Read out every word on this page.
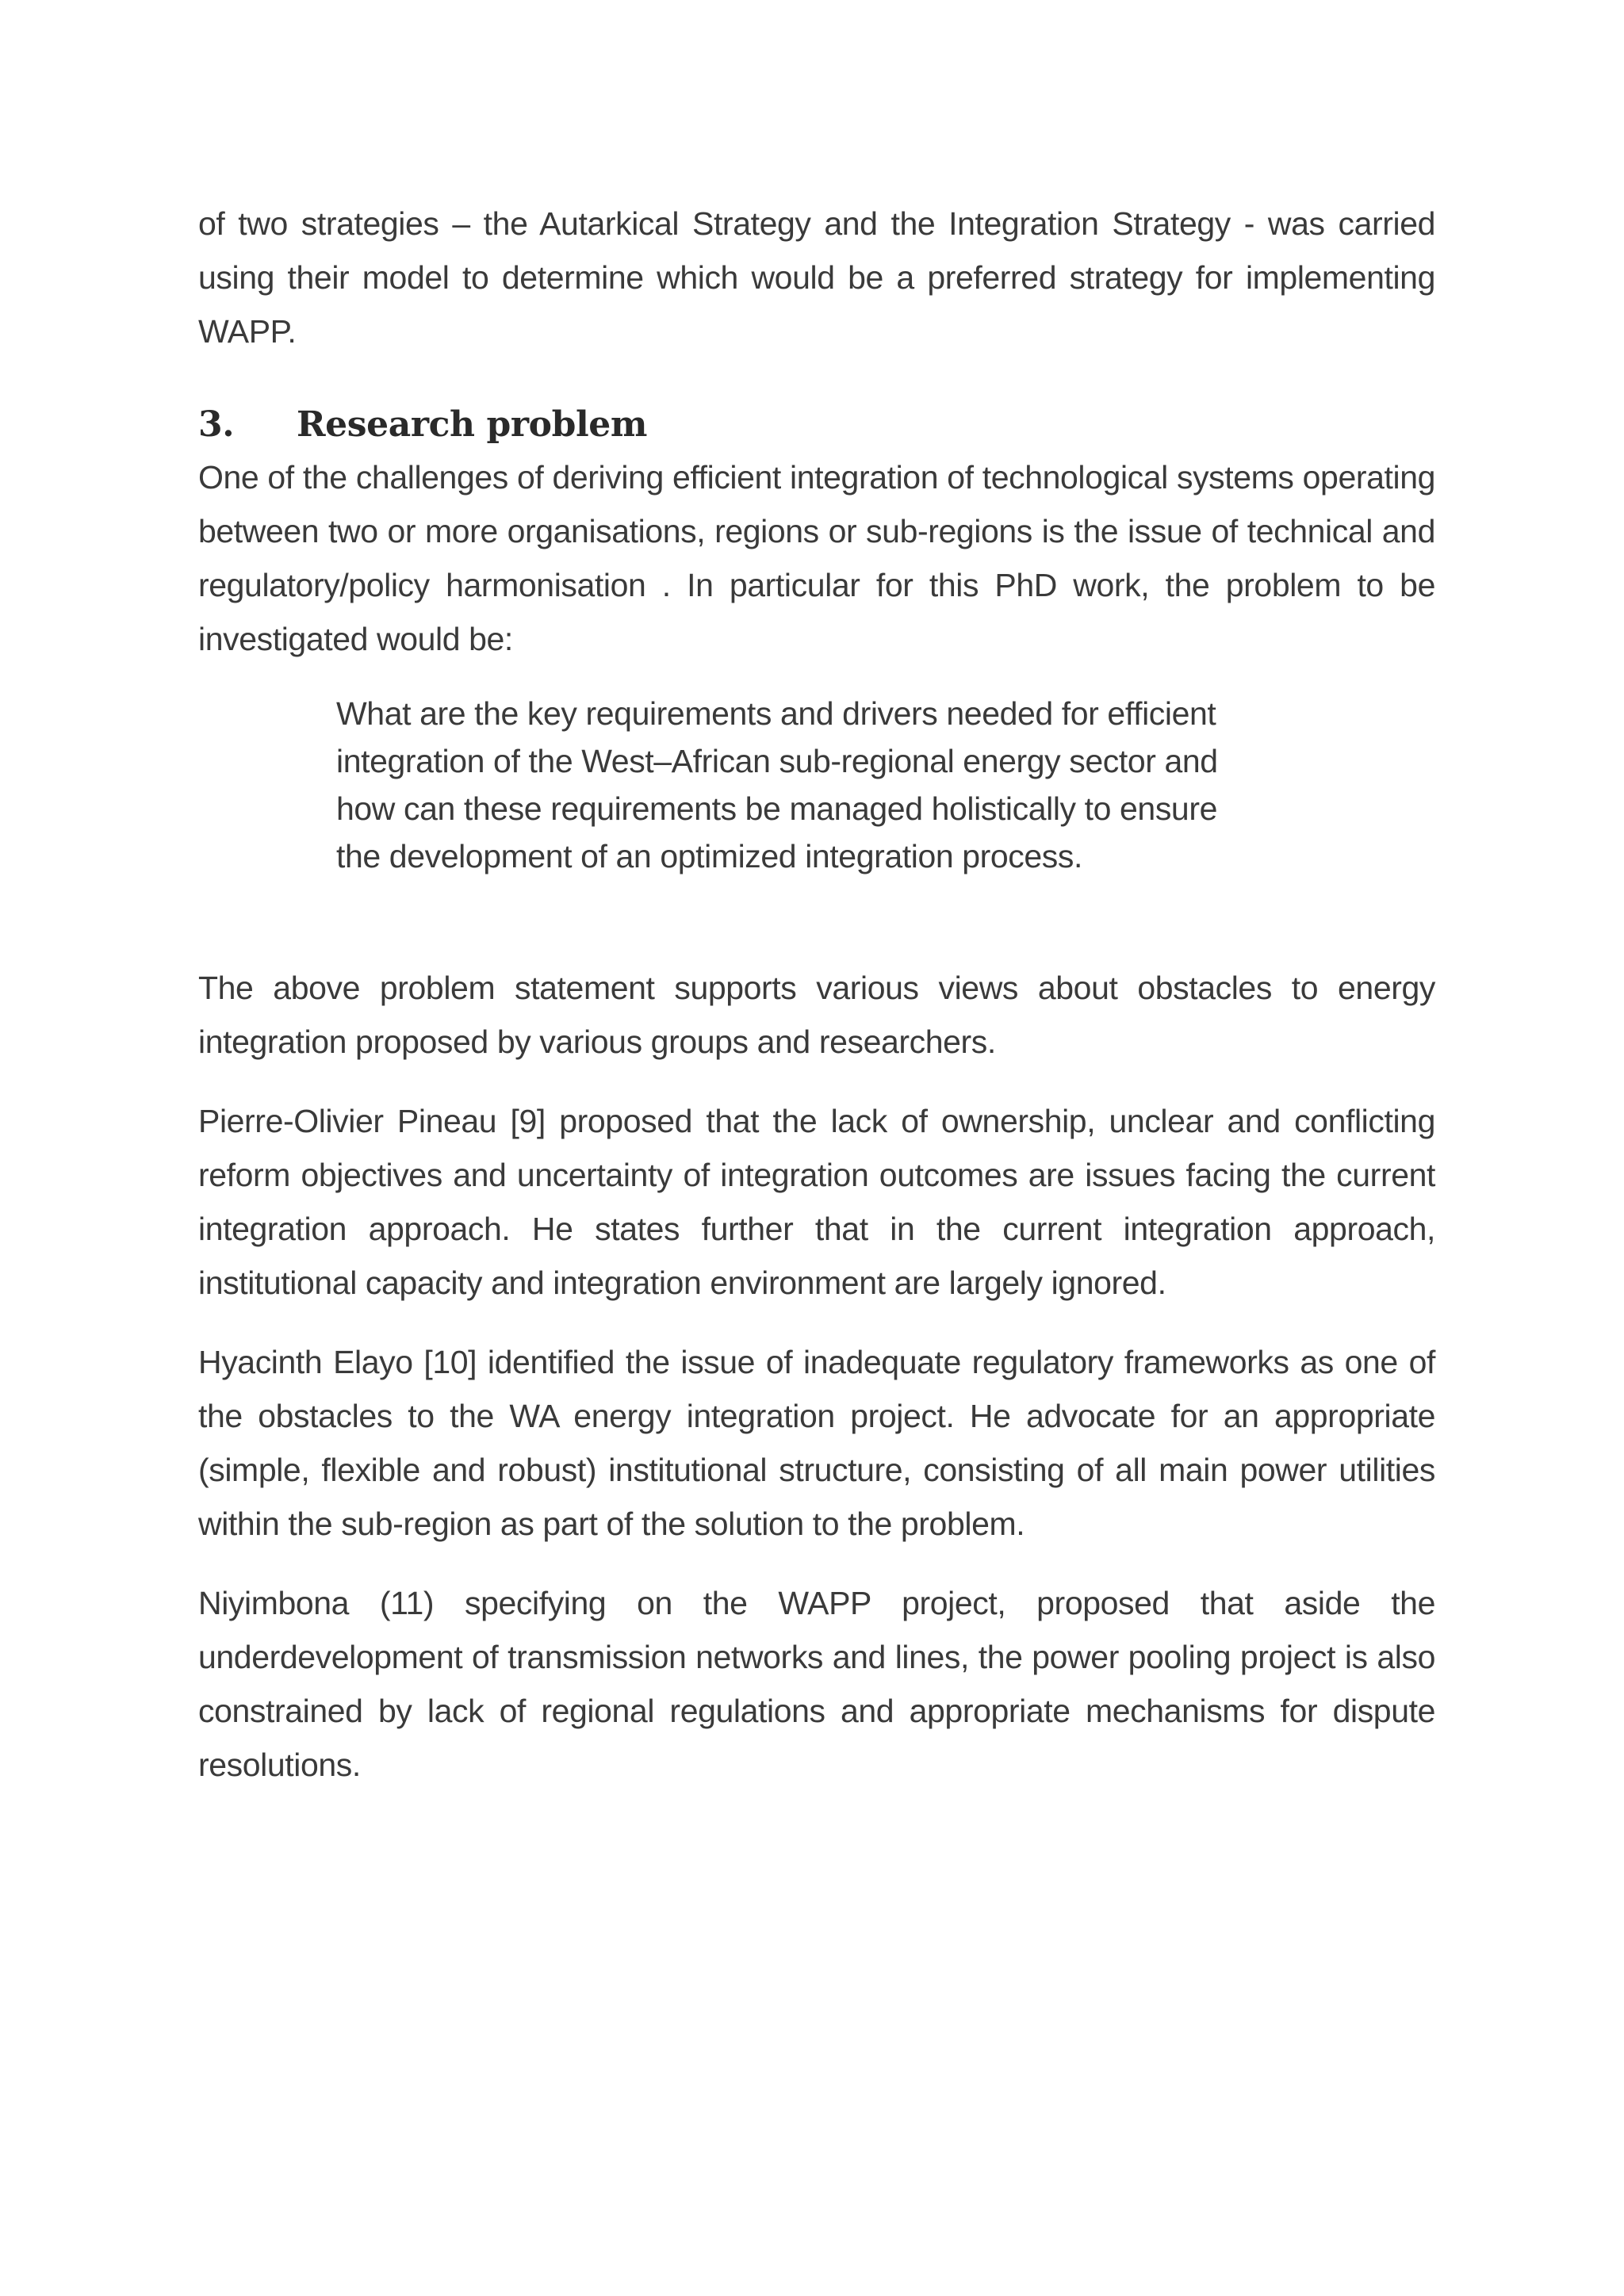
of two strategies – the Autarkical Strategy and the Integration Strategy - was carried using their model to determine which would be a preferred strategy for implementing WAPP.

3.	Research problem

One of the challenges of deriving efficient integration of technological systems operating between two or more organisations, regions or sub-regions is the issue of technical and regulatory/policy harmonisation . In particular for this PhD work, the problem to be investigated would be:

What are the key requirements and drivers needed for efficient
integration of the West–African sub-regional energy sector and
how can these requirements be managed holistically to ensure
the development of an optimized integration process.

The above problem statement supports various views about obstacles to energy integration proposed by various groups and researchers.

Pierre-Olivier Pineau [9] proposed that the lack of ownership, unclear and conflicting reform objectives and uncertainty of integration outcomes are issues facing the current integration approach. He states further that in the current integration approach, institutional capacity and integration environment are largely ignored.

Hyacinth Elayo [10] identified the issue of inadequate regulatory frameworks as one of the obstacles to the WA energy integration project. He advocate for an appropriate (simple, flexible and robust) institutional structure, consisting of all main power utilities within the sub-region as part of the solution to the problem.

Niyimbona (11) specifying on the WAPP project, proposed that aside the underdevelopment of transmission networks and lines, the power pooling project is also constrained by lack of regional regulations and appropriate mechanisms for dispute resolutions.
